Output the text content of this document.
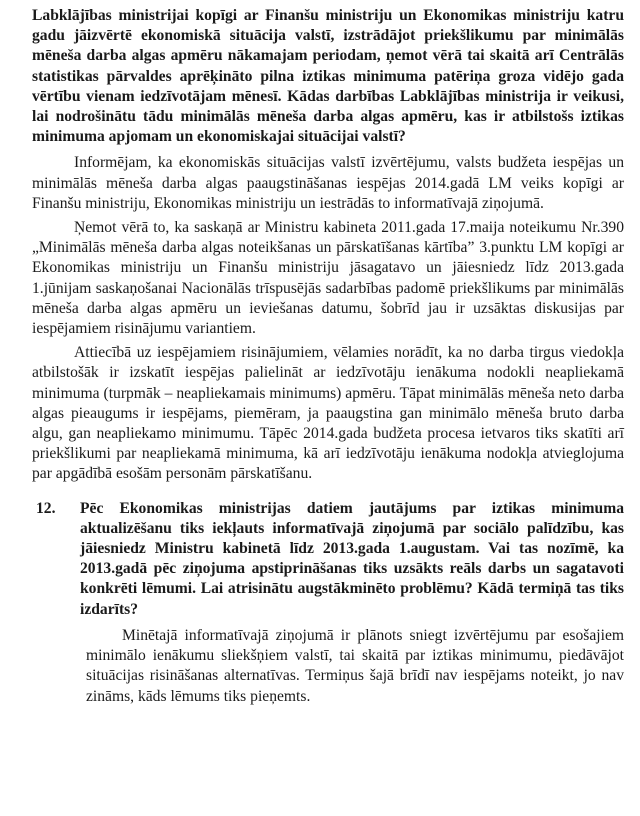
Labklājības ministrijai kopīgi ar Finanšu ministriju un Ekonomikas ministriju katru gadu jāizvērtē ekonomiskā situācija valstī, izstrādājot priekšlikumu par minimālās mēneša darba algas apmēru nākamajam periodam, ņemot vērā tai skaitā arī Centrālās statistikas pārvaldes aprēķināto pilna iztikas minimuma patēriņa groza vidējo gada vērtību vienam iedzīvotājam mēnesī. Kādas darbības Labklājības ministrija ir veikusi, lai nodrošinātu tādu minimālās mēneša darba algas apmēru, kas ir atbilstošs iztikas minimuma apjomam un ekonomiskajai situācijai valstī?

Informējam, ka ekonomiskās situācijas valstī izvērtējumu, valsts budžeta iespējas un minimālās mēneša darba algas paaugstināšanas iespējas 2014.gadā LM veiks kopīgi ar Finanšu ministriju, Ekonomikas ministriju un iestrādās to informatīvajā ziņojumā.

Ņemot vērā to, ka saskaņā ar Ministru kabineta 2011.gada 17.maija noteikumu Nr.390 „Minimālās mēneša darba algas noteikšanas un pārskatīšanas kārtība” 3.punktu LM kopīgi ar Ekonomikas ministriju un Finanšu ministriju jāsagatavo un jāiesniedz līdz 2013.gada 1.jūnijam saskaņošanai Nacionālās trīspusējās sadarbības padomē priekšlikums par minimālās mēneša darba algas apmēru un ieviešanas datumu, šobrīd jau ir uzsāktas diskusijas par iespējamiem risinājumu variantiem.

Attiecībā uz iespējamiem risinājumiem, vēlamies norādīt, ka no darba tirgus viedokļa atbilstošāk ir izskatīt iespējas palielināt ar iedzīvotāju ienākuma nodokli neapliekamā minimuma (turpmāk – neapliekamais minimums) apmēru. Tāpat minimālās mēneša neto darba algas pieaugums ir iespējams, piemēram, ja paaugstina gan minimālo mēneša bruto darba algu, gan neapliekamo minimumu. Tāpēc 2014.gada budžeta procesa ietvaros tiks skatīti arī priekšlikumi par neapliekamā minimuma, kā arī iedzīvotāju ienākuma nodokļa atvieglojuma par apgādībā esošām personām pārskatīšanu.

12.	Pēc Ekonomikas ministrijas datiem jautājums par iztikas minimuma aktualizēšanu tiks iekļauts informatīvajā ziņojumā par sociālo palīdzību, kas jāiesniedz Ministru kabinetā līdz 2013.gada 1.augustam. Vai tas nozīmē, ka 2013.gadā pēc ziņojuma apstiprināšanas tiks uzsākts reāls darbs un sagatavoti konkrēti lēmumi. Lai atrisinātu augstākminēto problēmu? Kādā termiņā tas tiks izdarīts?

Minētajā informatīvajā ziņojumā ir plānots sniegt izvērtējumu par esošajiem minimālo ienākumu sliekšņiem valstī, tai skaitā par iztikas minimumu, piedāvājot situācijas risināšanas alternatīvas. Termiņus šajā brīdī nav iespējams noteikt, jo nav zināms, kāds lēmums tiks pieņemts.
